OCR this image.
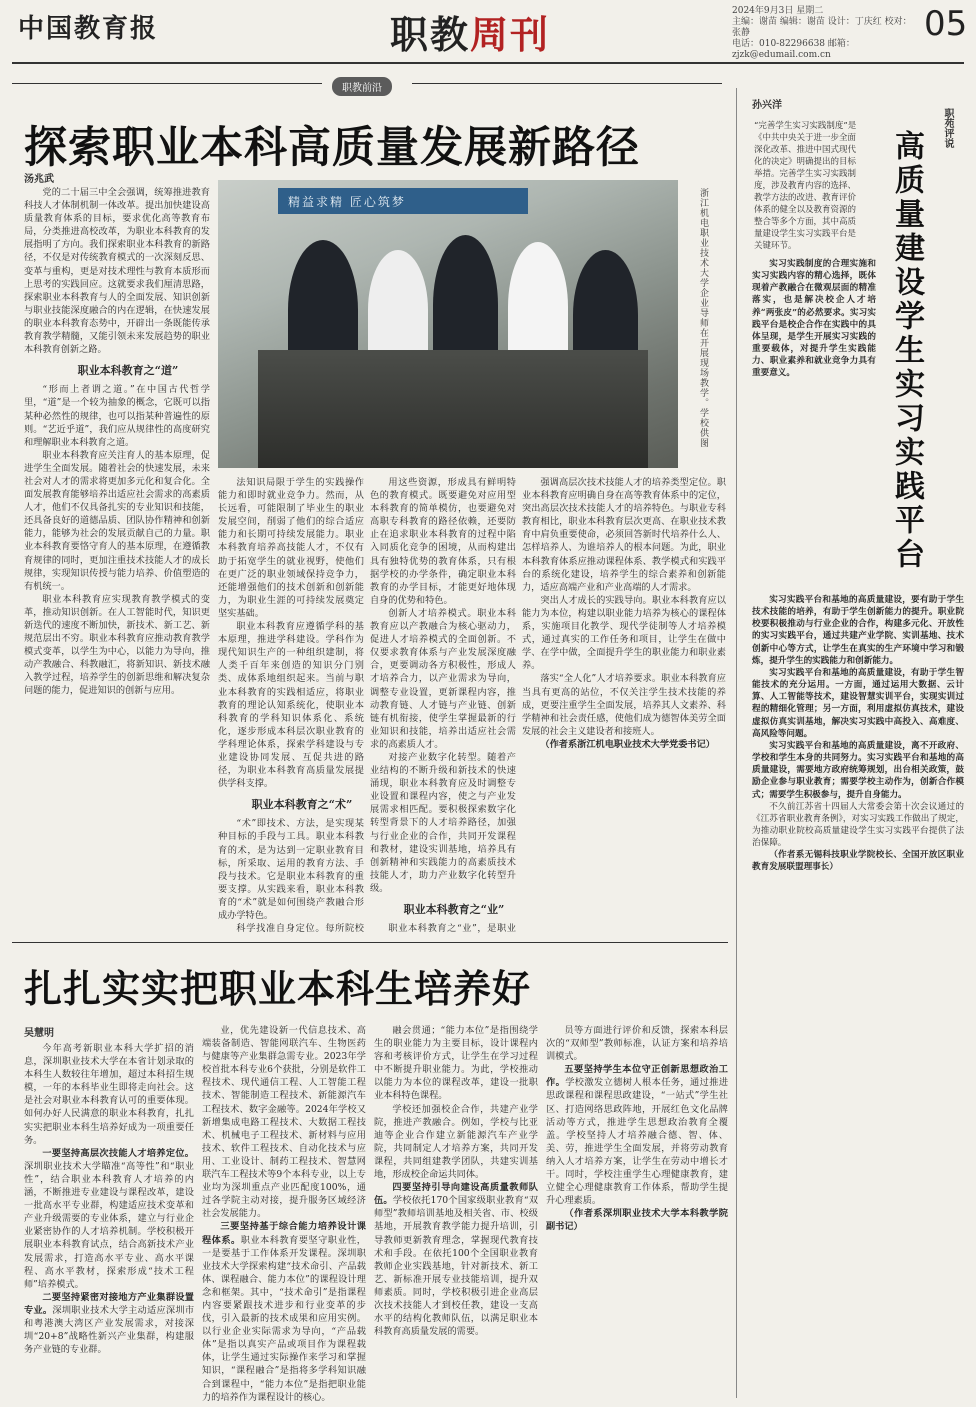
中国教育报	职教周刊
2024年9月3日 星期二
主编：谢苗 编辑：谢苗 设计：丁庆红 校对：张静
电话：010-82296638 邮箱：zjzk@edumail.com.cn
05
职教前沿
探索职业本科高质量发展新路径
汤兆武

党的二十届三中全会强调，统筹推进教育科技人才体制机制一体改革。提出加快建设高质量教育体系的目标，要求优化高等教育布局，分类推进高校改革，为职业本科教育的发展指明了方向。我们探索职业本科教育的新路径，不仅是对传统教育模式的一次深刻反思、变革与重构，更是对技术理性与教育本质形而上思考的实践回应。这就要求我们厘清思路，探索职业本科教育与人的全面发展、知识创新与职业技能深度融合的内在逻辑，在快速发展的职业本科教育态势中，开辟出一条既能传承教育教学精髓，又能引领未来发展趋势的职业本科教育创新之路。

职业本科教育之“道”

“形而上者谓之道。”在中国古代哲学里，“道”是一个较为抽象的概念，它既可以指某种必然性的规律，也可以指某种普遍性的原则。“艺近乎道”，我们应从规律性的高度研究和理解职业本科教育之道。

职业本科教育应关注育人的基本原理，促进学生全面发展。随着社会的快速发展，未来社会对人才的需求将更加多元化和复合化。全面发展教育能够培养出适应社会需求的高素质人才，他们不仅具备扎实的专业知识和技能，还具备良好的道德品质、团队协作精神和创新能力，能够为社会的发展贡献自己的力量。职业本科教育要恪守育人的基本原理，在遵循教育规律的同时，更加注重技术技能人才的成长规律，实现知识传授与能力培养、价值塑造的有机统一。

职业本科教育应实现教育教学模式的变革，推动知识创新。在人工智能时代，知识更新迭代的速度不断加快，新技术、新工艺、新规范层出不穷。职业本科教育应推动教育教学模式变革，以学生为中心，以能力为导向，推动产教融合、科教融汇，将新知识、新技术融入教学过程，培养学生的创新思维和解决复杂问题的能力，促进知识的创新与应用。

精益求精 匠心筑梦	浙江机电职业技术大学企业导师在开展现场教学。学校供图

法知识局限于学生的实践操作能力和即时就业竞争力。然而，从长远看，可能限制了毕业生的职业发展空间，削弱了他们的综合适应能力和长期可持续发展能力。职业本科教育培养高技能人才，不仅有助于拓宽学生的就业视野，使他们在更广泛的职业领域保持竞争力，还能增强他们的技术创新和创新能力，为职业生涯的可持续发展奠定坚实基础。

职业本科教育应遵循学科的基本原理，推进学科建设。学科作为现代知识生产的一种组织建制，将人类千百年来创造的知识分门别类、成体系地组织起来。当前与职业本科教育的实践相适应，将职业教育的理论认知系统化，使职业本科教育的学科知识体系化、系统化，逐步形成本科层次职业教育的学科理论体系，探索学科建设与专业建设协同发展、互促共进的路径，为职业本科教育高质量发展提供学科支撑。

职业本科教育之“术”

“术”即技术、方法，是实现某种目标的手段与工具。职业本科教育的术，是为达到一定职业教育目标，所采取、运用的教育方法、手段与技术。它是职业本科教育的重要支撑。从实践来看，职业本科教育的“术”就是如何围绕产教融合形成办学特色。

科学找准自身定位。每所院校

用这些资源，形成具有鲜明特色的教育模式。既要避免对应用型本科教育的简单模仿，也要避免对高职专科教育的路径依赖，还要防止在追求职业本科教育的过程中陷入同质化竞争的困境，从而构建出具有独特优势的教育体系，只有根据学校的办学条件，确定职业本科教育的办学目标，才能更好地体现自身的优势和特色。

创新人才培养模式。职业本科教育应以产教融合为核心驱动力，促进人才培养模式的全面创新。不仅要求教育体系与产业发展深度融合，更要调动各方积极性，形成人才培养合力，以产业需求为导向，调整专业设置，更新课程内容，推动教育链、人才链与产业链、创新链有机衔接，使学生掌握最新的行业知识和技能，培养出适应社会需求的高素质人才。

对接产业数字化转型。随着产业结构的不断升级和新技术的快速涌现，职业本科教育应及时调整专业设置和课程内容，使之与产业发展需求相匹配。要积极探索数字化转型背景下的人才培养路径，加强与行业企业的合作，共同开发课程和教材，建设实训基地，培养具有创新精神和实践能力的高素质技术技能人才，助力产业数字化转型升级。

职业本科教育之“业”

职业本科教育之“业”，是职业

强调高层次技术技能人才的培养类型定位。职业本科教育应明确自身在高等教育体系中的定位，突出高层次技术技能人才的培养特色。与职业专科教育相比，职业本科教育层次更高、在职业技术教育中肩负重要使命，必须回答新时代培养什么人、怎样培养人、为谁培养人的根本问题。为此，职业本科教育体系应推动课程体系、教学模式和实践平台的系统化建设，培养学生的综合素养和创新能力，适应高端产业和产业高端的人才需求。

突出人才成长的实践导向。职业本科教育应以能力为本位，构建以职业能力培养为核心的课程体系，实施项目化教学、现代学徒制等人才培养模式，通过真实的工作任务和项目，让学生在做中学、在学中做，全面提升学生的职业能力和职业素养。

落实“全人化”人才培养要求。职业本科教育应当具有更高的站位，不仅关注学生技术技能的养成，更要注重学生全面发展，培养其人文素养、科学精神和社会责任感，使他们成为德智体美劳全面发展的社会主义建设者和接班人。

（作者系浙江机电职业技术大学党委书记）

扎扎实实把职业本科生培养好
吴慧明

今年高考新职业本科大学扩招的消息，深圳职业技术大学在本省计划录取的本科生人数较往年增加，超过本科招生规模，一年的本科毕业生即将走向社会。这是社会对职业本科教育认可的重要体现。如何办好人民满意的职业本科教育，扎扎实实把职业本科生培养好成为一项重要任务。

一要坚持高层次技能人才培养定位。深圳职业技术大学瞄准“高等性”和“职业性”，结合职业本科教育人才培养的内涵，不断推进专业建设与课程改革，建设一批高水平专业群，构建适应技术变革和产业升级需要的专业体系，建立与行业企业紧密协作的人才培养机制。学校积极开展职业本科教育试点，结合高新技术产业发展需求，打造高水平专业、高水平课程、高水平教材，探索形成“技术工程师”培养模式。

二要坚持紧密对接地方产业集群设置专业。深圳职业技术大学主动适应深圳市和粤港澳大湾区产业发展需求，对接深圳“20+8”战略性新兴产业集群，构建服务产业链的专业群。

业，优先建设新一代信息技术、高端装备制造、智能网联汽车、生物医药与健康等产业集群急需专业。2023年学校首批本科专业6个获批，分别是软件工程技术、现代通信工程、人工智能工程技术、智能制造工程技术、新能源汽车工程技术、数字金融等。2024年学校又新增集成电路工程技术、大数据工程技术、机械电子工程技术、新材料与应用技术、软件工程技术、自动化技术与应用、工业设计、制药工程技术、智慧网联汽车工程技术等9个本科专业，以上专业均为深圳重点产业匹配度100%，通过各学院主动对接，提升服务区域经济社会发展能力。

三要坚持基于综合能力培养设计课程体系。职业本科教育要坚守职业性，一是要基于工作体系开发课程。深圳职业技术大学探索构建“技术命引、产品载体、课程融合、能力本位”的课程设计理念和框架。其中，“技术命引”是指课程内容要紧跟技术进步和行业变革的步伐，引入最新的技术成果和应用实例。以行业企业实际需求为导向，“产品载体”是指以真实产品或项目作为课程载体，让学生通过实际操作来学习和掌握知识，“课程融合”是指将多学科知识融合到课程中，“能力本位”是指把职业能力的培养作为课程设计的核心。

融会贯通；“能力本位”是指围绕学生的职业能力为主要目标，设计课程内容和考核评价方式，让学生在学习过程中不断提升职业能力。为此，学校推动以能力为本位的课程改革，建设一批职业本科特色课程。

学校还加强校企合作，共建产业学院，推进产教融合。例如，学校与比亚迪等企业合作建立新能源汽车产业学院，共同制定人才培养方案，共同开发课程，共同组建教学团队，共建实训基地，形成校企命运共同体。

四要坚持引导向建设高质量教师队伍。学校依托170个国家级职业教育“双师型”教师培训基地及相关省、市、校级基地，开展教育教学能力提升培训，引导教师更新教育理念，掌握现代教育技术和手段。在依托100个全国职业教育教师企业实践基地，针对新技术、新工艺、新标准开展专业技能培训，提升双师素质。同时，学校积极引进企业高层次技术技能人才到校任教，建设一支高水平的结构化教师队伍，以满足职业本科教育高质量发展的需要。

员等方面进行评价和反馈，探索本科层次的“双师型”教师标准，认证方案和培养培训模式。

五要坚持学生本位守正创新思想政治工作。学校激发立德树人根本任务，通过推进思政课程和课程思政建设，“一站式”学生社区、打造网络思政阵地，开展红色文化品牌活动等方式，推进学生思想政治教育全覆盖。学校坚持人才培养融合德、智、体、美、劳，推进学生全面发展，并将劳动教育纳入人才培养方案，让学生在劳动中增长才干。同时，学校注重学生心理健康教育，建立健全心理健康教育工作体系，帮助学生提升心理素质。

（作者系深圳职业技术大学本科教学院副书记）

孙兴洋
职苑评说
高质量建设学生实习实践平台
“完善学生实习实践制度”是《中共中央关于进一步全面深化改革、推进中国式现代化的决定》明确提出的目标举措。完善学生实习实践制度，涉及教育内容的选择、教学方法的改进、教育评价体系的健全以及教育资源的整合等多个方面，其中高质量建设学生实习实践平台是关键环节。

实习实践制度的合理实施和实习实践内容的精心选择，既体现着产教融合在微观层面的精准落实，也是解决校企人才培养“两张皮”的必然要求。实习实践平台是校企合作在实践中的具体呈现，是学生开展实习实践的重要载体，对提升学生实践能力、职业素养和就业竞争力具有重要意义。

实习实践平台和基地的高质量建设，要有助于学生技术技能的培养，有助于学生创新能力的提升。职业院校要积极推动与行业企业的合作，构建多元化、开放性的实习实践平台，通过共建产业学院、实训基地、技术创新中心等方式，让学生在真实的生产环境中学习和锻炼，提升学生的实践能力和创新能力。

实习实践平台和基地的高质量建设，有助于学生智能技术的充分运用。一方面，通过运用大数据、云计算、人工智能等技术，建设智慧实训平台，实现实训过程的精细化管理；另一方面，利用虚拟仿真技术，建设虚拟仿真实训基地，解决实习实践中高投入、高难度、高风险等问题。

实习实践平台和基地的高质量建设，离不开政府、学校和学生本身的共同努力。实习实践平台和基地的高质量建设，需要地方政府统筹规划，出台相关政策，鼓励企业参与职业教育；需要学校主动作为，创新合作模式；需要学生积极参与，提升自身能力。

不久前江苏省十四届人大常委会第十次会议通过的《江苏省职业教育条例》，对实习实践工作做出了规定，为推动职业院校高质量建设学生实习实践平台提供了法治保障。

（作者系无锡科技职业学院校长、全国开放区职业教育发展联盟理事长）
